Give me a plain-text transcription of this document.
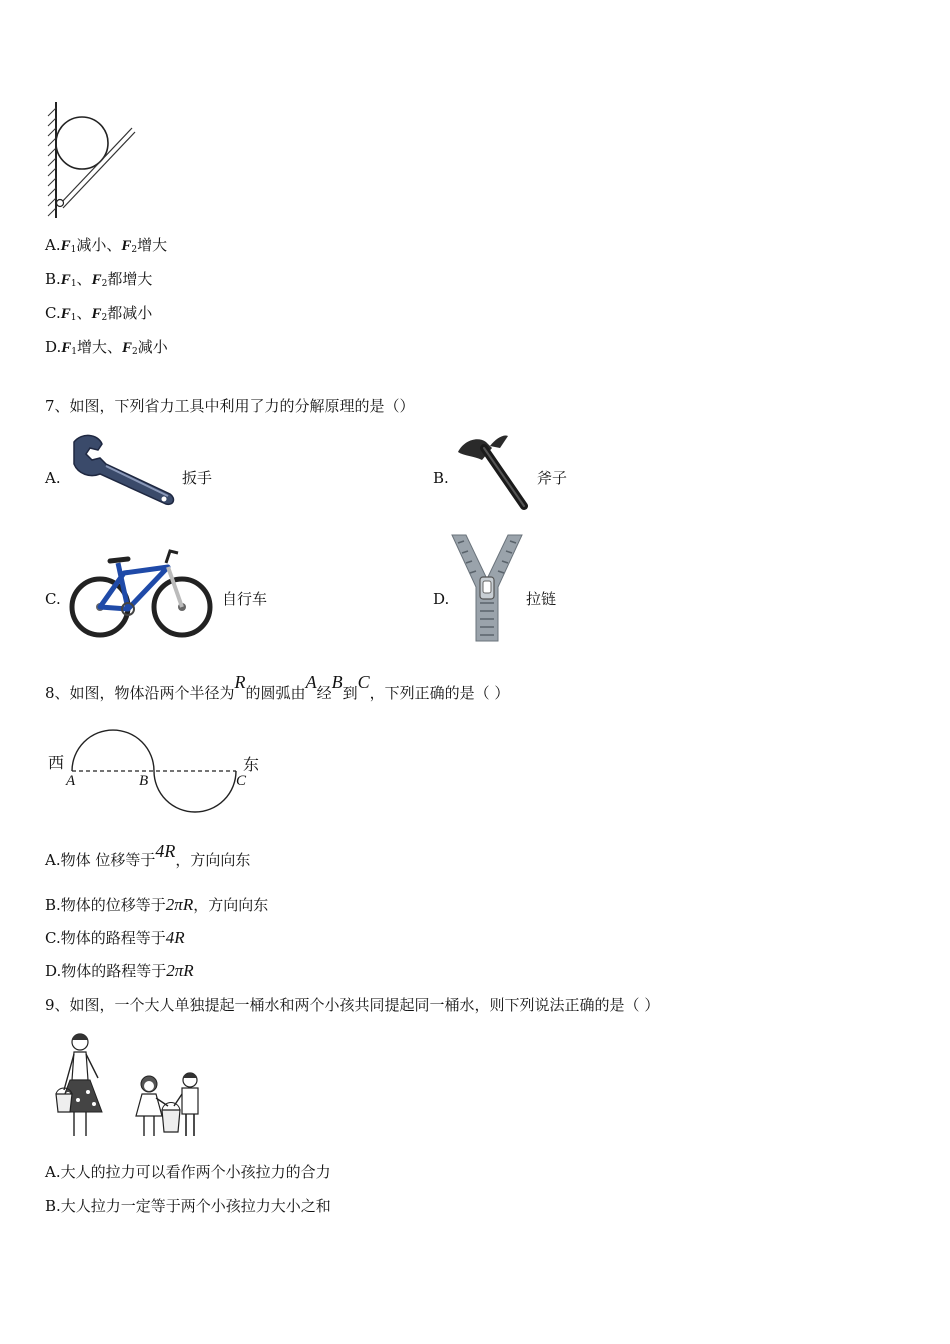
$A.F_1$减小、$F_2$增大
$B.F_1$、$F_2$都增大
$C.F_1$、$F_2$都减小
$D.F_1$增大、$F_2$减小
7、如图，下列省力工具中利用了力的分解原理的是（）
A.	扳手	B.	斧子
C.	自行车	D.	拉链
8、如图，物体沿两个半径为R的圆弧由A经B到C，下列正确的是（ ）
西	东
A	B	C
A.物体 位移等于4R，方向向东
B.物体的位移等于2πR，方向向东
C.物体的路程等于4R
D.物体的路程等于2πR
9、如图，一个大人单独提起一桶水和两个小孩共同提起同一桶水，则下列说法正确的是（ ）
A.大人的拉力可以看作两个小孩拉力的合力
B.大人拉力一定等于两个小孩拉力大小之和
